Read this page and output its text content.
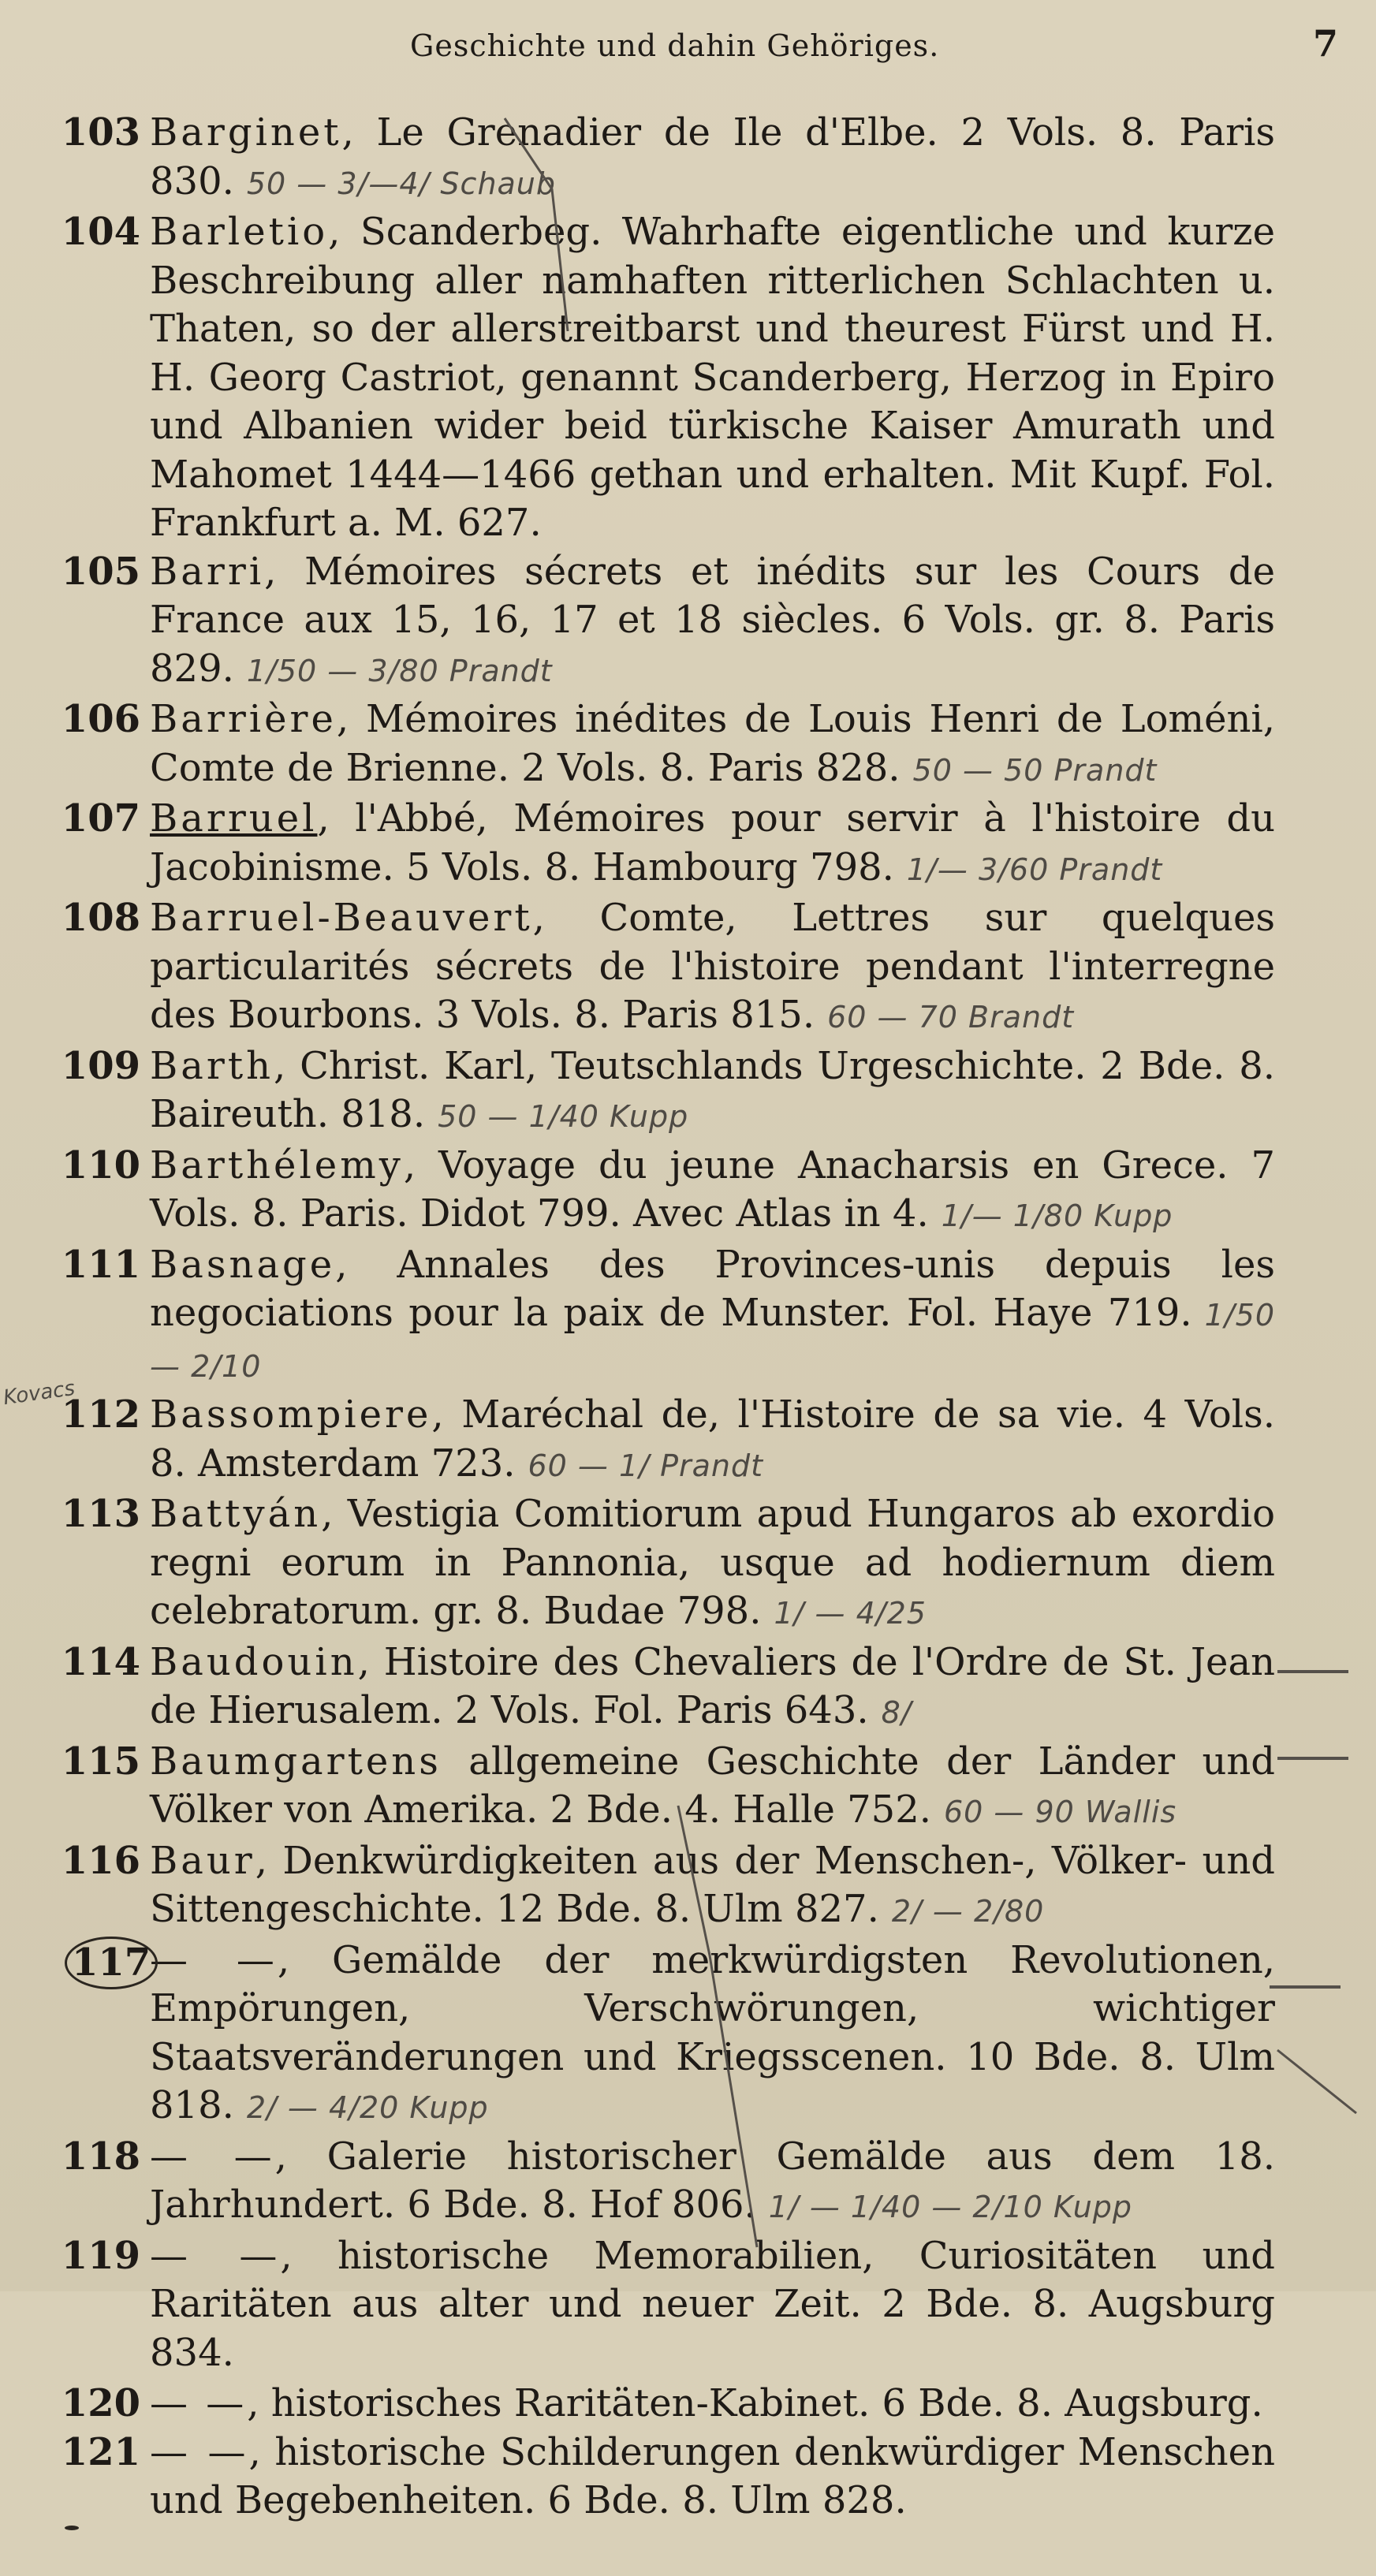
Geschichte und dahin Gehöriges.	7
103 Barginet, Le Grenadier de Ile d'Elbe. 2 Vols. 8. Paris 830. 50 — 3/—4/ Schaub
104 Barletio, Scanderbeg. Wahrhafte eigentliche und kurze Beschreibung aller namhaften ritterlichen Schlachten u. Thaten, so der allerstreitbarst und theurest Fürst und H. H. Georg Castriot, genannt Scanderberg, Herzog in Epiro und Albanien wider beid türkische Kaiser Amurath und Mahomet 1444—1466 gethan und erhalten. Mit Kupf. Fol. Frankfurt a. M. 627.
105 Barri, Mémoires sécrets et inédits sur les Cours de France aux 15, 16, 17 et 18 siècles. 6 Vols. gr. 8. Paris 829. 1/50 — 3/80 Prandt
106 Barrière, Mémoires inédites de Louis Henri de Loméni, Comte de Brienne. 2 Vols. 8. Paris 828. 50 — 50 Prandt
107 Barruel, l'Abbé, Mémoires pour servir à l'histoire du Jacobinisme. 5 Vols. 8. Hambourg 798. 1/— 3/60 Prandt
108 Barruel-Beauvert, Comte, Lettres sur quelques particularités sécrets de l'histoire pendant l'interregne des Bourbons. 3 Vols. 8. Paris 815. 60 — 70 Brandt
109 Barth, Christ. Karl, Teutschlands Urgeschichte. 2 Bde. 8. Baireuth. 818. 50 — 1/40 Kupp
110 Barthélemy, Voyage du jeune Anacharsis en Grece. 7 Vols. 8. Paris. Didot 799. Avec Atlas in 4. 1/— 1/80 Kupp
111 Basnage, Annales des Provinces-unis depuis les negociations pour la paix de Munster. Fol. Haye 719. 1/50 — 2/10
112 Bassompiere, Maréchal de, l'Histoire de sa vie. 4 Vols. 8. Amsterdam 723. 60 — 1/ Prandt
113 Battyán, Vestigia Comitiorum apud Hungaros ab exordio regni eorum in Pannonia, usque ad hodiernum diem celebratorum. gr. 8. Budae 798. 1/ — 4/25
114 Baudouin, Histoire des Chevaliers de l'Ordre de St. Jean de Hierusalem. 2 Vols. Fol. Paris 643. 8/
115 Baumgartens allgemeine Geschichte der Länder und Völker von Amerika. 2 Bde. 4. Halle 752. 60 — 90 Wallis
116 Baur, Denkwürdigkeiten aus der Menschen-, Völker- und Sittengeschichte. 12 Bde. 8. Ulm 827. 2/ — 2/80
117
— —, Gemälde der merkwürdigsten Revolutionen, Empörungen, Verschwörungen, wichtiger Staatsveränderungen und Kriegsscenen. 10 Bde. 8. Ulm 818. 2/ — 4/20 Kupp
118 — —, Galerie historischer Gemälde aus dem 18. Jahrhundert. 6 Bde. 8. Hof 806. 1/ — 1/40 — 2/10 Kupp
119 — —, historische Memorabilien, Curiositäten und Raritäten aus alter und neuer Zeit. 2 Bde. 8. Augsburg 834.
120 — —, historisches Raritäten-Kabinet. 6 Bde. 8. Augsburg.
121 — —, historische Schilderungen denkwürdiger Menschen und Begebenheiten. 6 Bde. 8. Ulm 828.
Kovacs
